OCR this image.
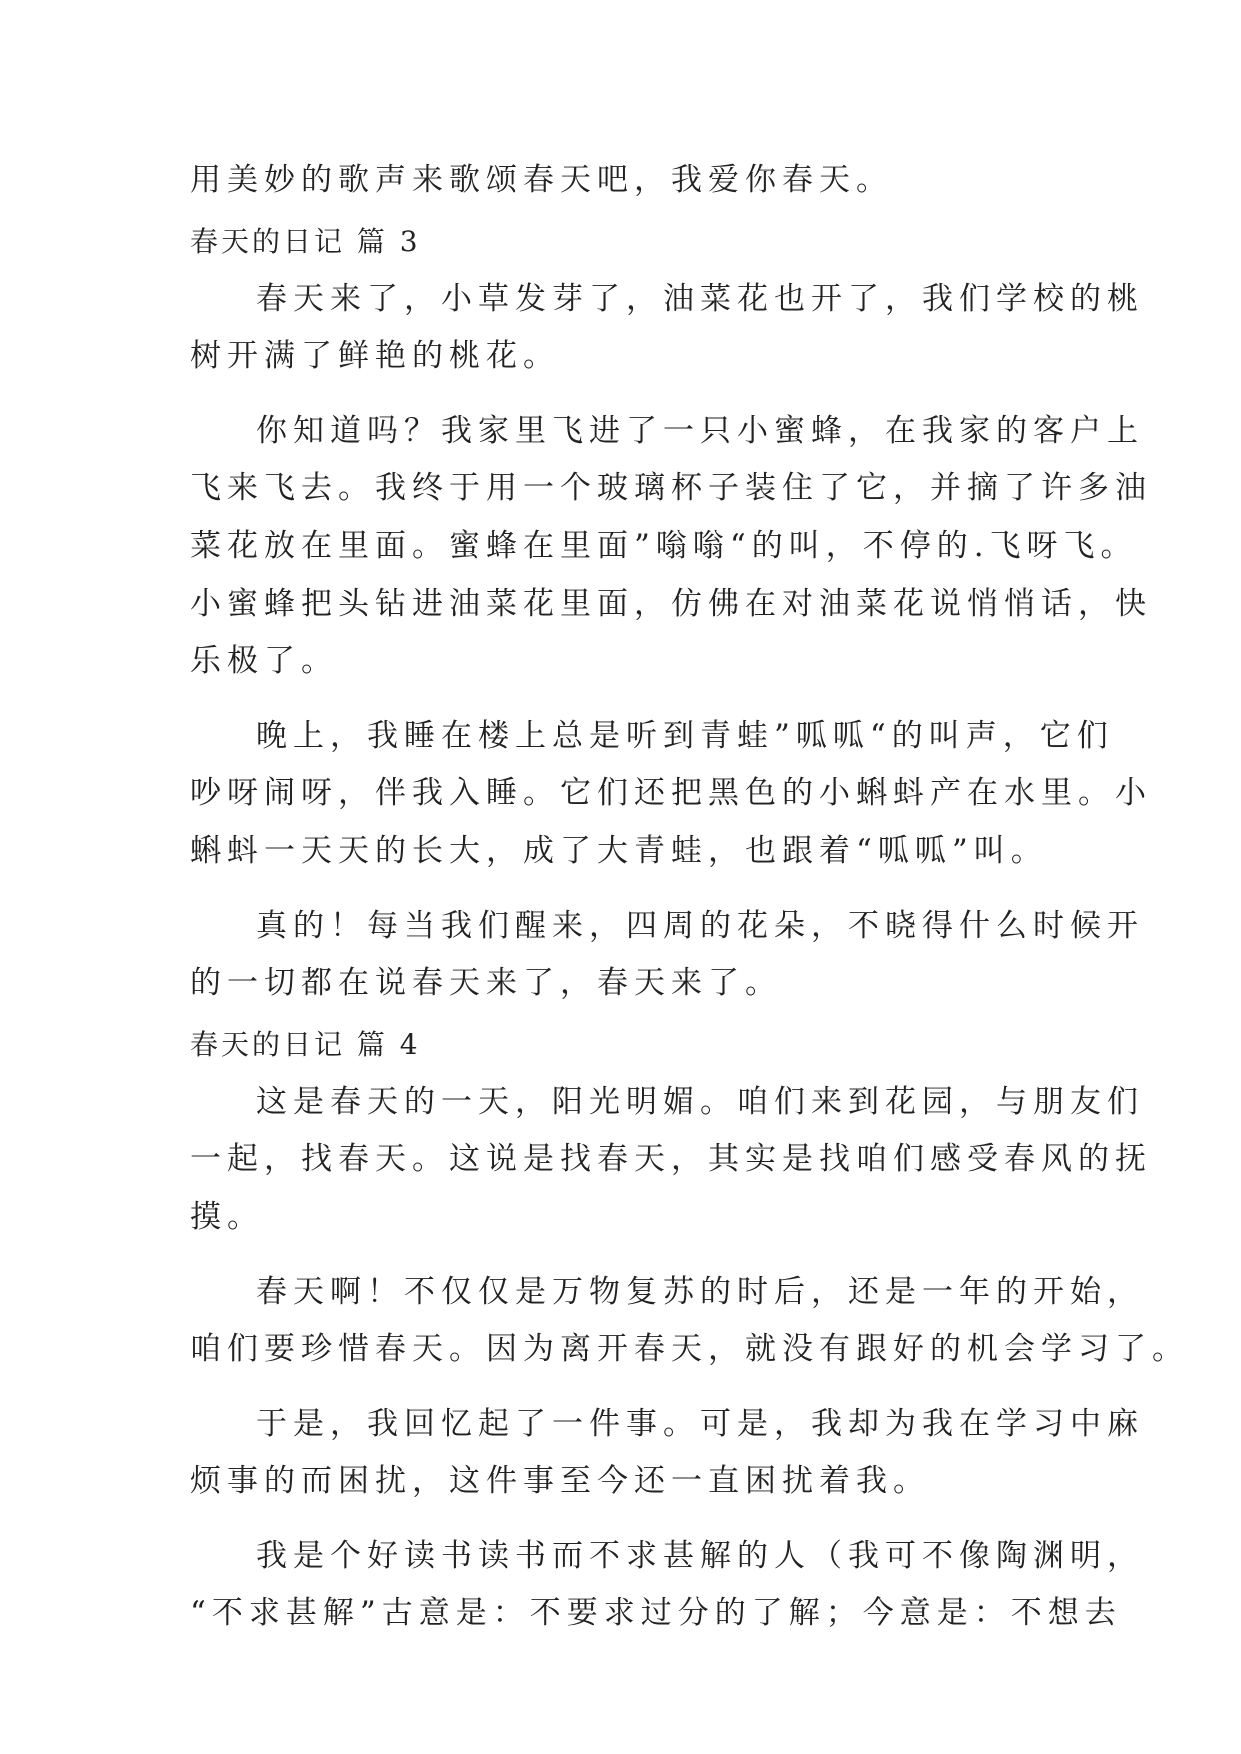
用美妙的歌声来歌颂春天吧，我爱你春天。

春天的日记 篇 3

春天来了，小草发芽了，油菜花也开了，我们学校的桃

树开满了鲜艳的桃花。

你知道吗？我家里飞进了一只小蜜蜂，在我家的客户上

飞来飞去。我终于用一个玻璃杯子装住了它，并摘了许多油

菜花放在里面。蜜蜂在里面”嗡嗡“的叫，不停的.飞呀飞。

小蜜蜂把头钻进油菜花里面，仿佛在对油菜花说悄悄话，快

乐极了。

晚上，我睡在楼上总是听到青蛙”呱呱“的叫声，它们

吵呀闹呀，伴我入睡。它们还把黑色的小蝌蚪产在水里。小

蝌蚪一天天的长大，成了大青蛙，也跟着“呱呱”叫。

真的！每当我们醒来，四周的花朵，不晓得什么时候开

的一切都在说春天来了，春天来了。

春天的日记 篇 4

这是春天的一天，阳光明媚。咱们来到花园，与朋友们

一起，找春天。这说是找春天，其实是找咱们感受春风的抚

摸。

春天啊！不仅仅是万物复苏的时后，还是一年的开始，

咱们要珍惜春天。因为离开春天，就没有跟好的机会学习了。

于是，我回忆起了一件事。可是，我却为我在学习中麻

烦事的而困扰，这件事至今还一直困扰着我。

我是个好读书读书而不求甚解的人（我可不像陶渊明，

“不求甚解”古意是：不要求过分的了解；今意是：不想去
